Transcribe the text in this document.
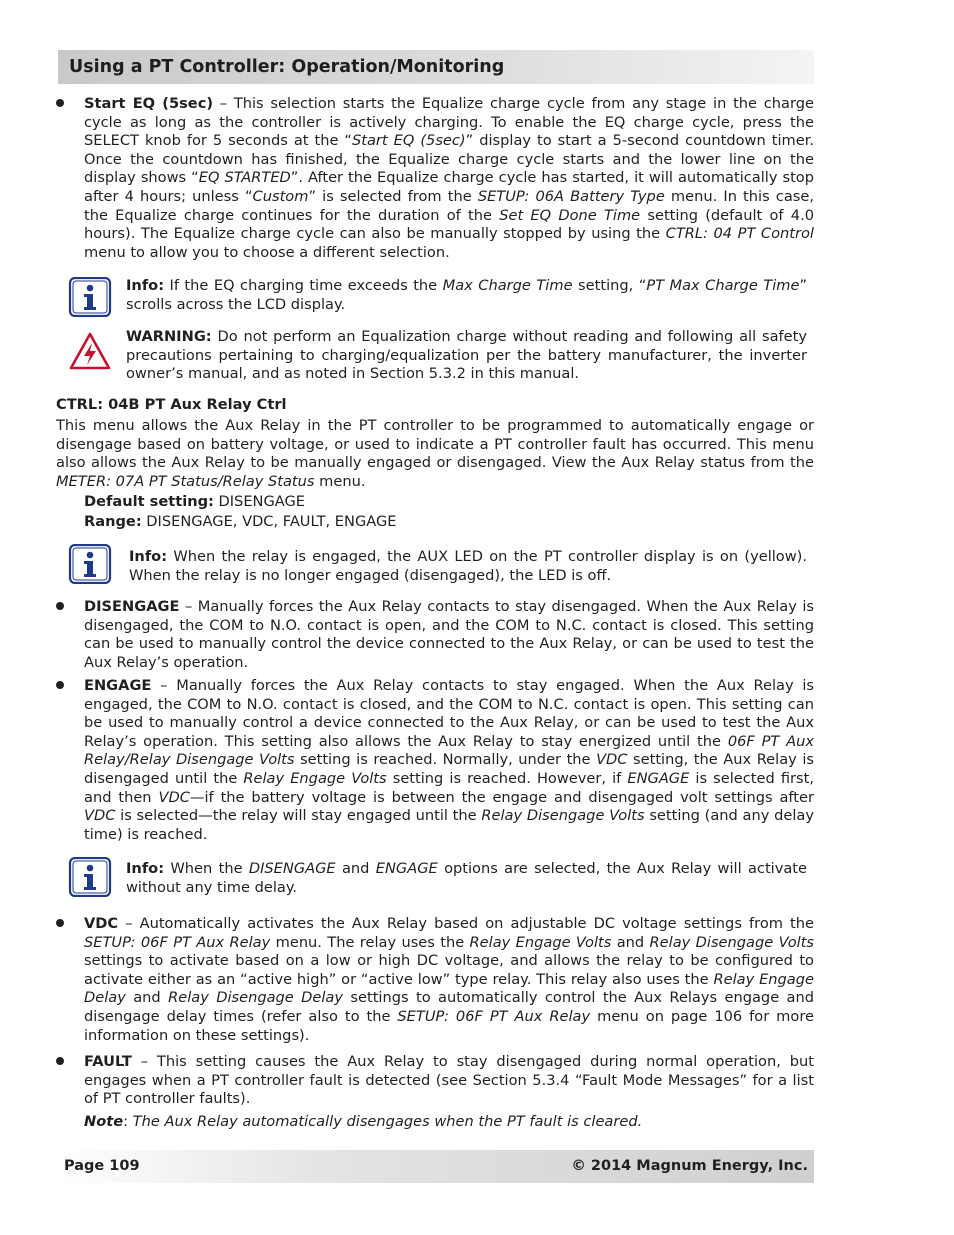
Using a PT Controller: Operation/Monitoring
Start EQ (5sec) – This selection starts the Equalize charge cycle from any stage in the charge cycle as long as the controller is actively charging. To enable the EQ charge cycle, press the SELECT knob for 5 seconds at the “Start EQ (5sec)” display to start a 5-second countdown timer. Once the countdown has finished, the Equalize charge cycle starts and the lower line on the display shows “EQ STARTED”. After the Equalize charge cycle has started, it will automatically stop after 4 hours; unless “Custom” is selected from the SETUP: 06A Battery Type menu. In this case, the Equalize charge continues for the duration of the Set EQ Done Time setting (default of 4.0 hours). The Equalize charge cycle can also be manually stopped by using the CTRL: 04 PT Control menu to allow you to choose a different selection.
Info: If the EQ charging time exceeds the Max Charge Time setting, “PT Max Charge Time” scrolls across the LCD display.
WARNING: Do not perform an Equalization charge without reading and following all safety precautions pertaining to charging/equalization per the battery manufacturer, the inverter owner’s manual, and as noted in Section 5.3.2 in this manual.
CTRL: 04B PT Aux Relay Ctrl
This menu allows the Aux Relay in the PT controller to be programmed to automatically engage or disengage based on battery voltage, or used to indicate a PT controller fault has occurred. This menu also allows the Aux Relay to be manually engaged or disengaged. View the Aux Relay status from the METER: 07A PT Status/Relay Status menu.
Default setting: DISENGAGE
Range: DISENGAGE, VDC, FAULT, ENGAGE
Info: When the relay is engaged, the AUX LED on the PT controller display is on (yellow). When the relay is no longer engaged (disengaged), the LED is off.
DISENGAGE – Manually forces the Aux Relay contacts to stay disengaged. When the Aux Relay is disengaged, the COM to N.O. contact is open, and the COM to N.C. contact is closed. This setting can be used to manually control the device connected to the Aux Relay, or can be used to test the Aux Relay’s operation.
ENGAGE – Manually forces the Aux Relay contacts to stay engaged. When the Aux Relay is engaged, the COM to N.O. contact is closed, and the COM to N.C. contact is open. This setting can be used to manually control a device connected to the Aux Relay, or can be used to test the Aux Relay’s operation. This setting also allows the Aux Relay to stay energized until the 06F PT Aux Relay/Relay Disengage Volts setting is reached. Normally, under the VDC setting, the Aux Relay is disengaged until the Relay Engage Volts setting is reached. However, if ENGAGE is selected first, and then VDC—if the battery voltage is between the engage and disengaged volt settings after VDC is selected—the relay will stay engaged until the Relay Disengage Volts setting (and any delay time) is reached.
Info: When the DISENGAGE and ENGAGE options are selected, the Aux Relay will activate without any time delay.
VDC – Automatically activates the Aux Relay based on adjustable DC voltage settings from the SETUP: 06F PT Aux Relay menu. The relay uses the Relay Engage Volts and Relay Disengage Volts settings to activate based on a low or high DC voltage, and allows the relay to be configured to activate either as an “active high” or “active low” type relay. This relay also uses the Relay Engage Delay and Relay Disengage Delay settings to automatically control the Aux Relays engage and disengage delay times (refer also to the SETUP: 06F PT Aux Relay menu on page 106 for more information on these settings).
FAULT – This setting causes the Aux Relay to stay disengaged during normal operation, but engages when a PT controller fault is detected (see Section 5.3.4 “Fault Mode Messages” for a list of PT controller faults).
Note: The Aux Relay automatically disengages when the PT fault is cleared.
Page 109	© 2014 Magnum Energy, Inc.
